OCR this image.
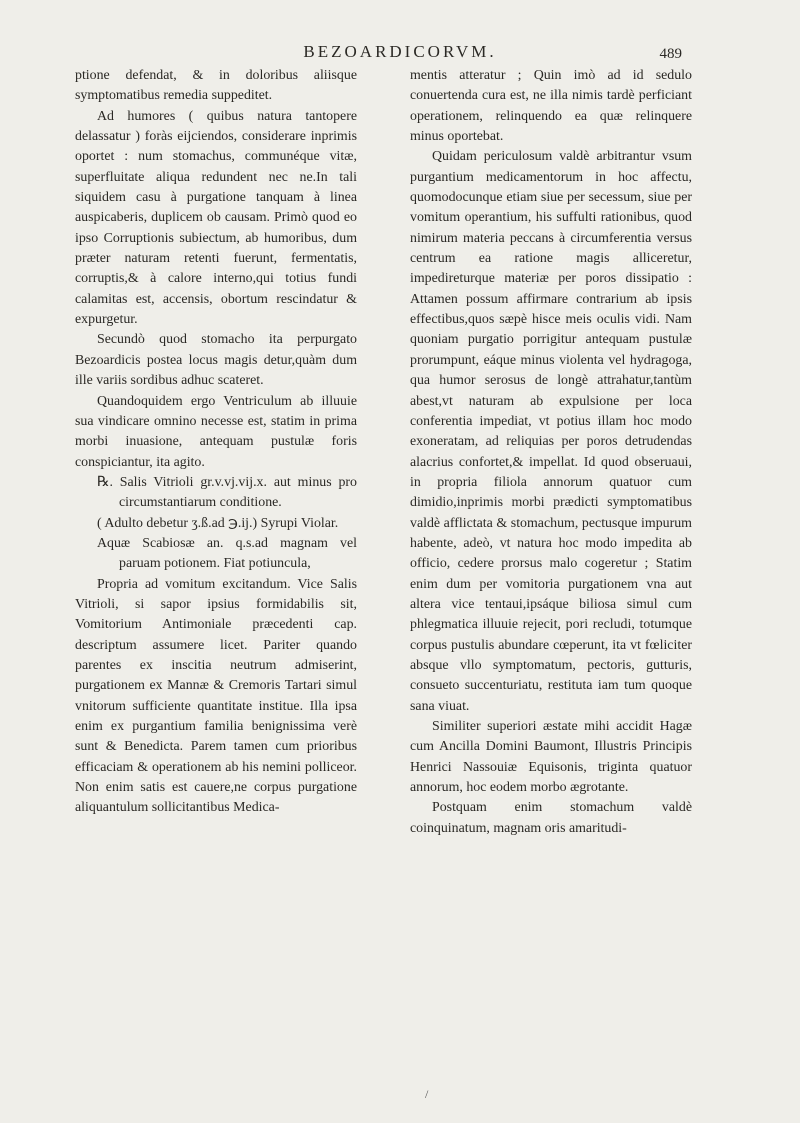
BEZOARDICORVM.	489

ptione defendat, & in doloribus aliisque symptomatibus remedia suppeditet.

Ad humores ( quibus natura tantopere delassatur ) foràs eijciendos, considerare inprimis oportet : num stomachus, communéque vitæ, superfluitate aliqua redundent nec ne.In tali siquidem casu à purgatione tanquam à linea auspicaberis, duplicem ob causam. Primò quod eo ipso Corruptionis subiectum, ab humoribus, dum præter naturam retenti fuerunt, fermentatis, corruptis,& à calore interno,qui totius fundi calamitas est, accensis, obortum rescindatur & expurgetur.

Secundò quod stomacho ita perpurgato Bezoardicis postea locus magis detur,quàm dum ille variis sordibus adhuc scateret.

Quandoquidem ergo Ventriculum ab illuuie sua vindicare omnino necesse est, statim in prima morbi inuasione, antequam pustulæ foris conspiciantur, ita agito.

℞. Salis Vitrioli gr.v.vj.vij.x. aut minus pro circumstantiarum conditione.

( Adulto debetur ʒ.ß.ad ℈.ij.) Syrupi Violar.

Aquæ Scabiosæ an. q.s.ad magnam vel paruam potionem. Fiat potiuncula,

Propria ad vomitum excitandum. Vice Salis Vitrioli, si sapor ipsius formidabilis sit, Vomitorium Antimoniale præcedenti cap. descriptum assumere licet. Pariter quando parentes ex inscitia neutrum admiserint, purgationem ex Mannæ & Cremoris Tartari simul vnitorum sufficiente quantitate instituе. Illa ipsa enim ex purgantium familia benignissima verè sunt & Benedicta. Parem tamen cum prioribus efficaciam & operationem ab his nemini polliceor. Non enim satis est cauere,ne corpus purgatione aliquantulum sollicitantibus Medica-

mentis atteratur ; Quin imò ad id sedulo conuertenda cura est, ne illa nimis tardè perficiant operationem, relinquendo ea quæ relinquere minus oportebat.

Quidam periculosum valdè arbitrantur vsum purgantium medicamentorum in hoc affectu, quomodocunque etiam siue per secessum, siue per vomitum operantium, his suffulti rationibus, quod nimirum materia peccans à circumferentia versus centrum ea ratione magis alliceretur, impedireturque materiæ per poros dissipatio : Attamen possum affirmare contrarium ab ipsis effectibus,quos sæpè hisce meis oculis vidi. Nam quoniam purgatio porrigitur antequam pustulæ prorumpunt, eáque minus violenta vel hydragoga, qua humor serosus de longè attrahatur,tantùm abest,vt naturam ab expulsione per loca conferentia impediat, vt potius illam hoc modo exoneratam, ad reliquias per poros detrudendas alacrius confortet,& impellat. Id quod obseruaui, in propria filiola annorum quatuor cum dimidio,inprimis morbi prædicti symptomatibus valdè afflictata & stomachum, pectusque impurum habente, adeò, vt natura hoc modo impedita ab officio, cedere prorsus malo cogeretur ; Statim enim dum per vomitoria purgationem vna aut altera vice tentaui,ipsáque biliosa simul cum phlegmatica illuuie rejecit, pori recludi, totumque corpus pustulis abundare cœperunt, ita vt fœliciter absque vllo symptomatum, pectoris, gutturis, consueto succenturiatu, restituta iam tum quoque sana viuat.

Similiter superiori æstate mihi accidit Hagæ cum Ancilla Domini Baumont, Illustris Principis Henrici Nassouiæ Equisonis, triginta quatuor annorum, hoc eodem morbo ægrotante.

Postquam enim stomachum valdè coinquinatum, magnam oris amaritudi-

/
